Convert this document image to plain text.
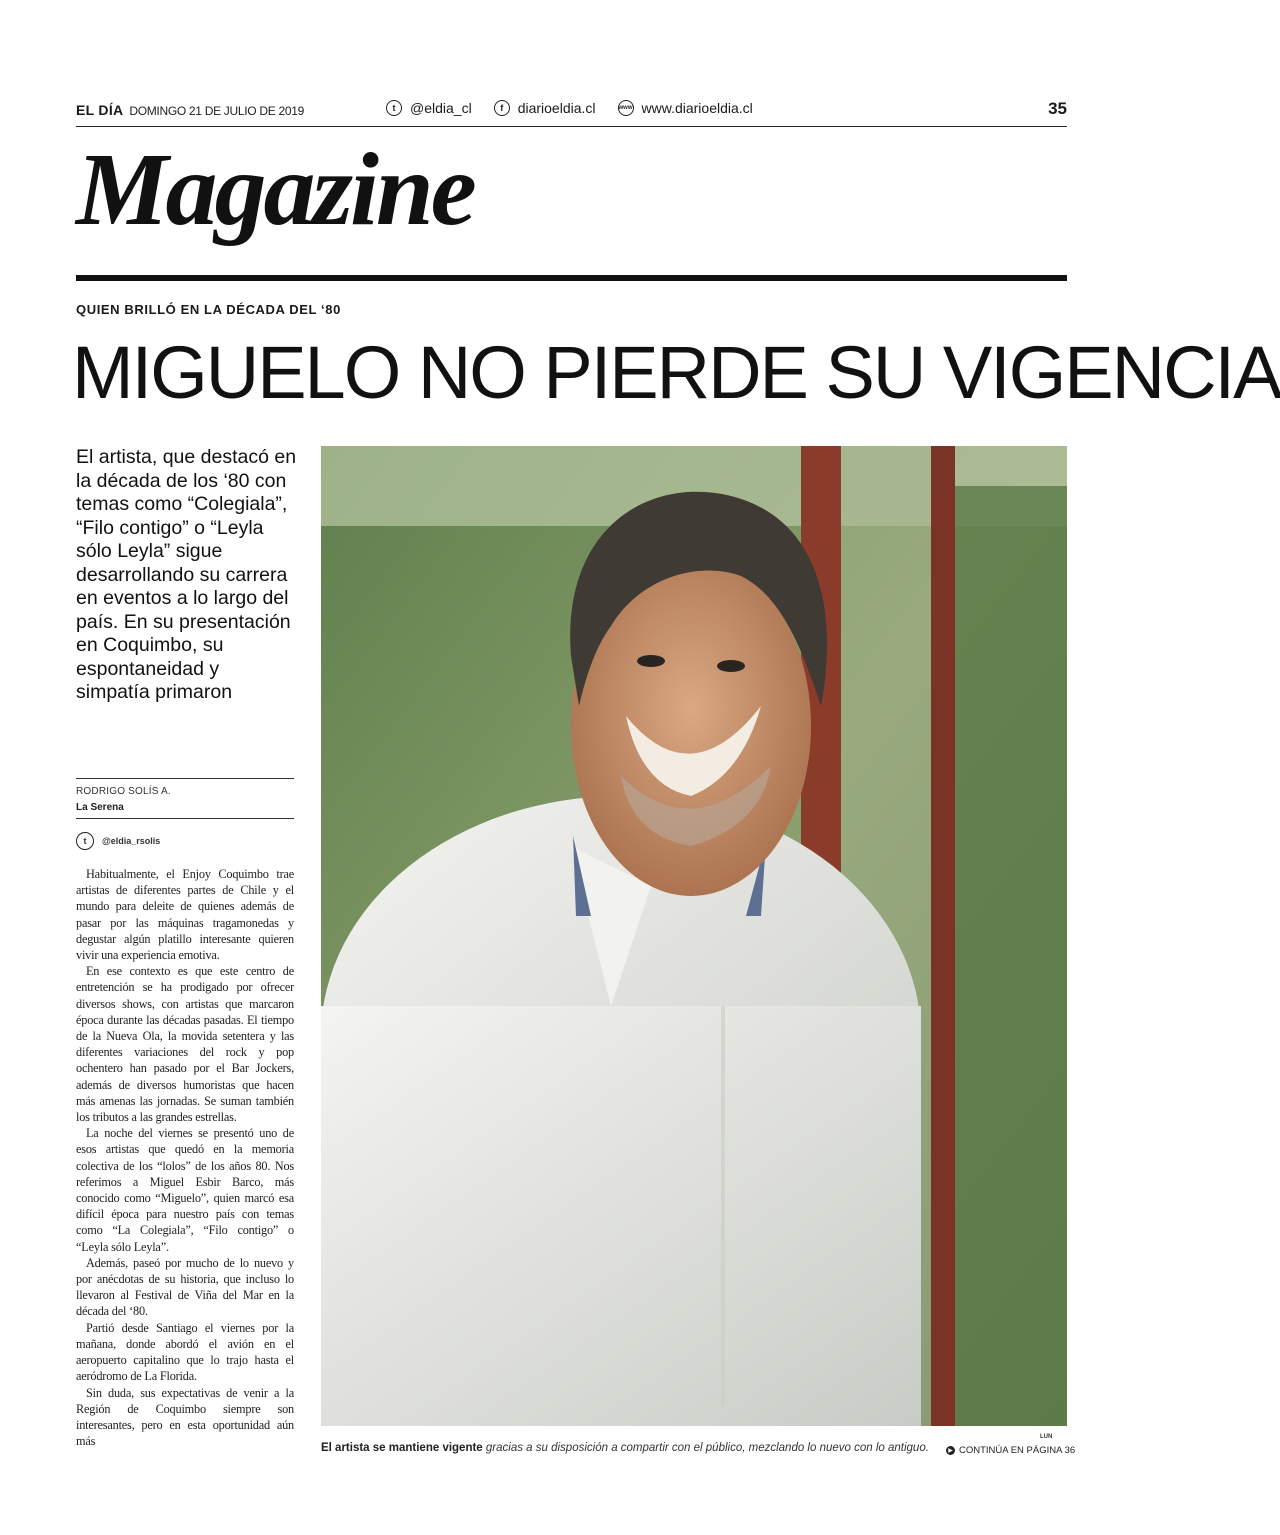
EL DÍA DOMINGO 21 DE JULIO DE 2019	t	@eldia_cl	f	diarioeldia.cl	www www.diarioeldia.cl	35
Magazine
QUIEN BRILLÓ EN LA DÉCADA DEL ‘80
MIGUELO NO PIERDE SU VIGENCIA
El artista, que destacó en la década de los ‘80 con temas como “Colegiala”, “Filo contigo” o “Leyla sólo Leyla” sigue desarrollando su carrera en eventos a lo largo del país. En su presentación en Coquimbo, su espontaneidad y simpatía primaron
RODRIGO SOLÍS A.
La Serena
t	@eldia_rsolis

Habitualmente, el Enjoy Coquimbo trae artistas de diferentes partes de Chile y el mundo para deleite de quienes además de pasar por las máquinas tragamonedas y degustar algún platillo interesante quieren vivir una experiencia emotiva.

En ese contexto es que este centro de entretención se ha prodigado por ofrecer diversos shows, con artistas que marcaron época durante las décadas pasadas. El tiempo de la Nueva Ola, la movida setentera y las diferentes variaciones del rock y pop ochentero han pasado por el Bar Jockers, además de diversos humoristas que hacen más amenas las jornadas. Se suman también los tributos a las grandes estrellas.

La noche del viernes se presentó uno de esos artistas que quedó en la memoria colectiva de los “lolos” de los años 80. Nos referimos a Miguel Esbir Barco, más conocido como “Miguelo”, quien marcó esa difícil época para nuestro país con temas como “La Colegiala”, “Filo contigo” o “Leyla sólo Leyla”.

Además, paseó por mucho de lo nuevo y por anécdotas de su historia, que incluso lo llevaron al Festival de Viña del Mar en la década del ‘80.

Partió desde Santiago el viernes por la mañana, donde abordó el avión en el aeropuerto capitalino que lo trajo hasta el aeródromo de La Florida.

Sin duda, sus expectativas de venir a la Región de Coquimbo siempre son interesantes, pero en esta oportunidad aún más	LUN
El artista se mantiene vigente gracias a su disposición a compartir con el público, mezclando lo nuevo con lo antiguo.	▶ CONTINÚA EN PÁGINA 36
